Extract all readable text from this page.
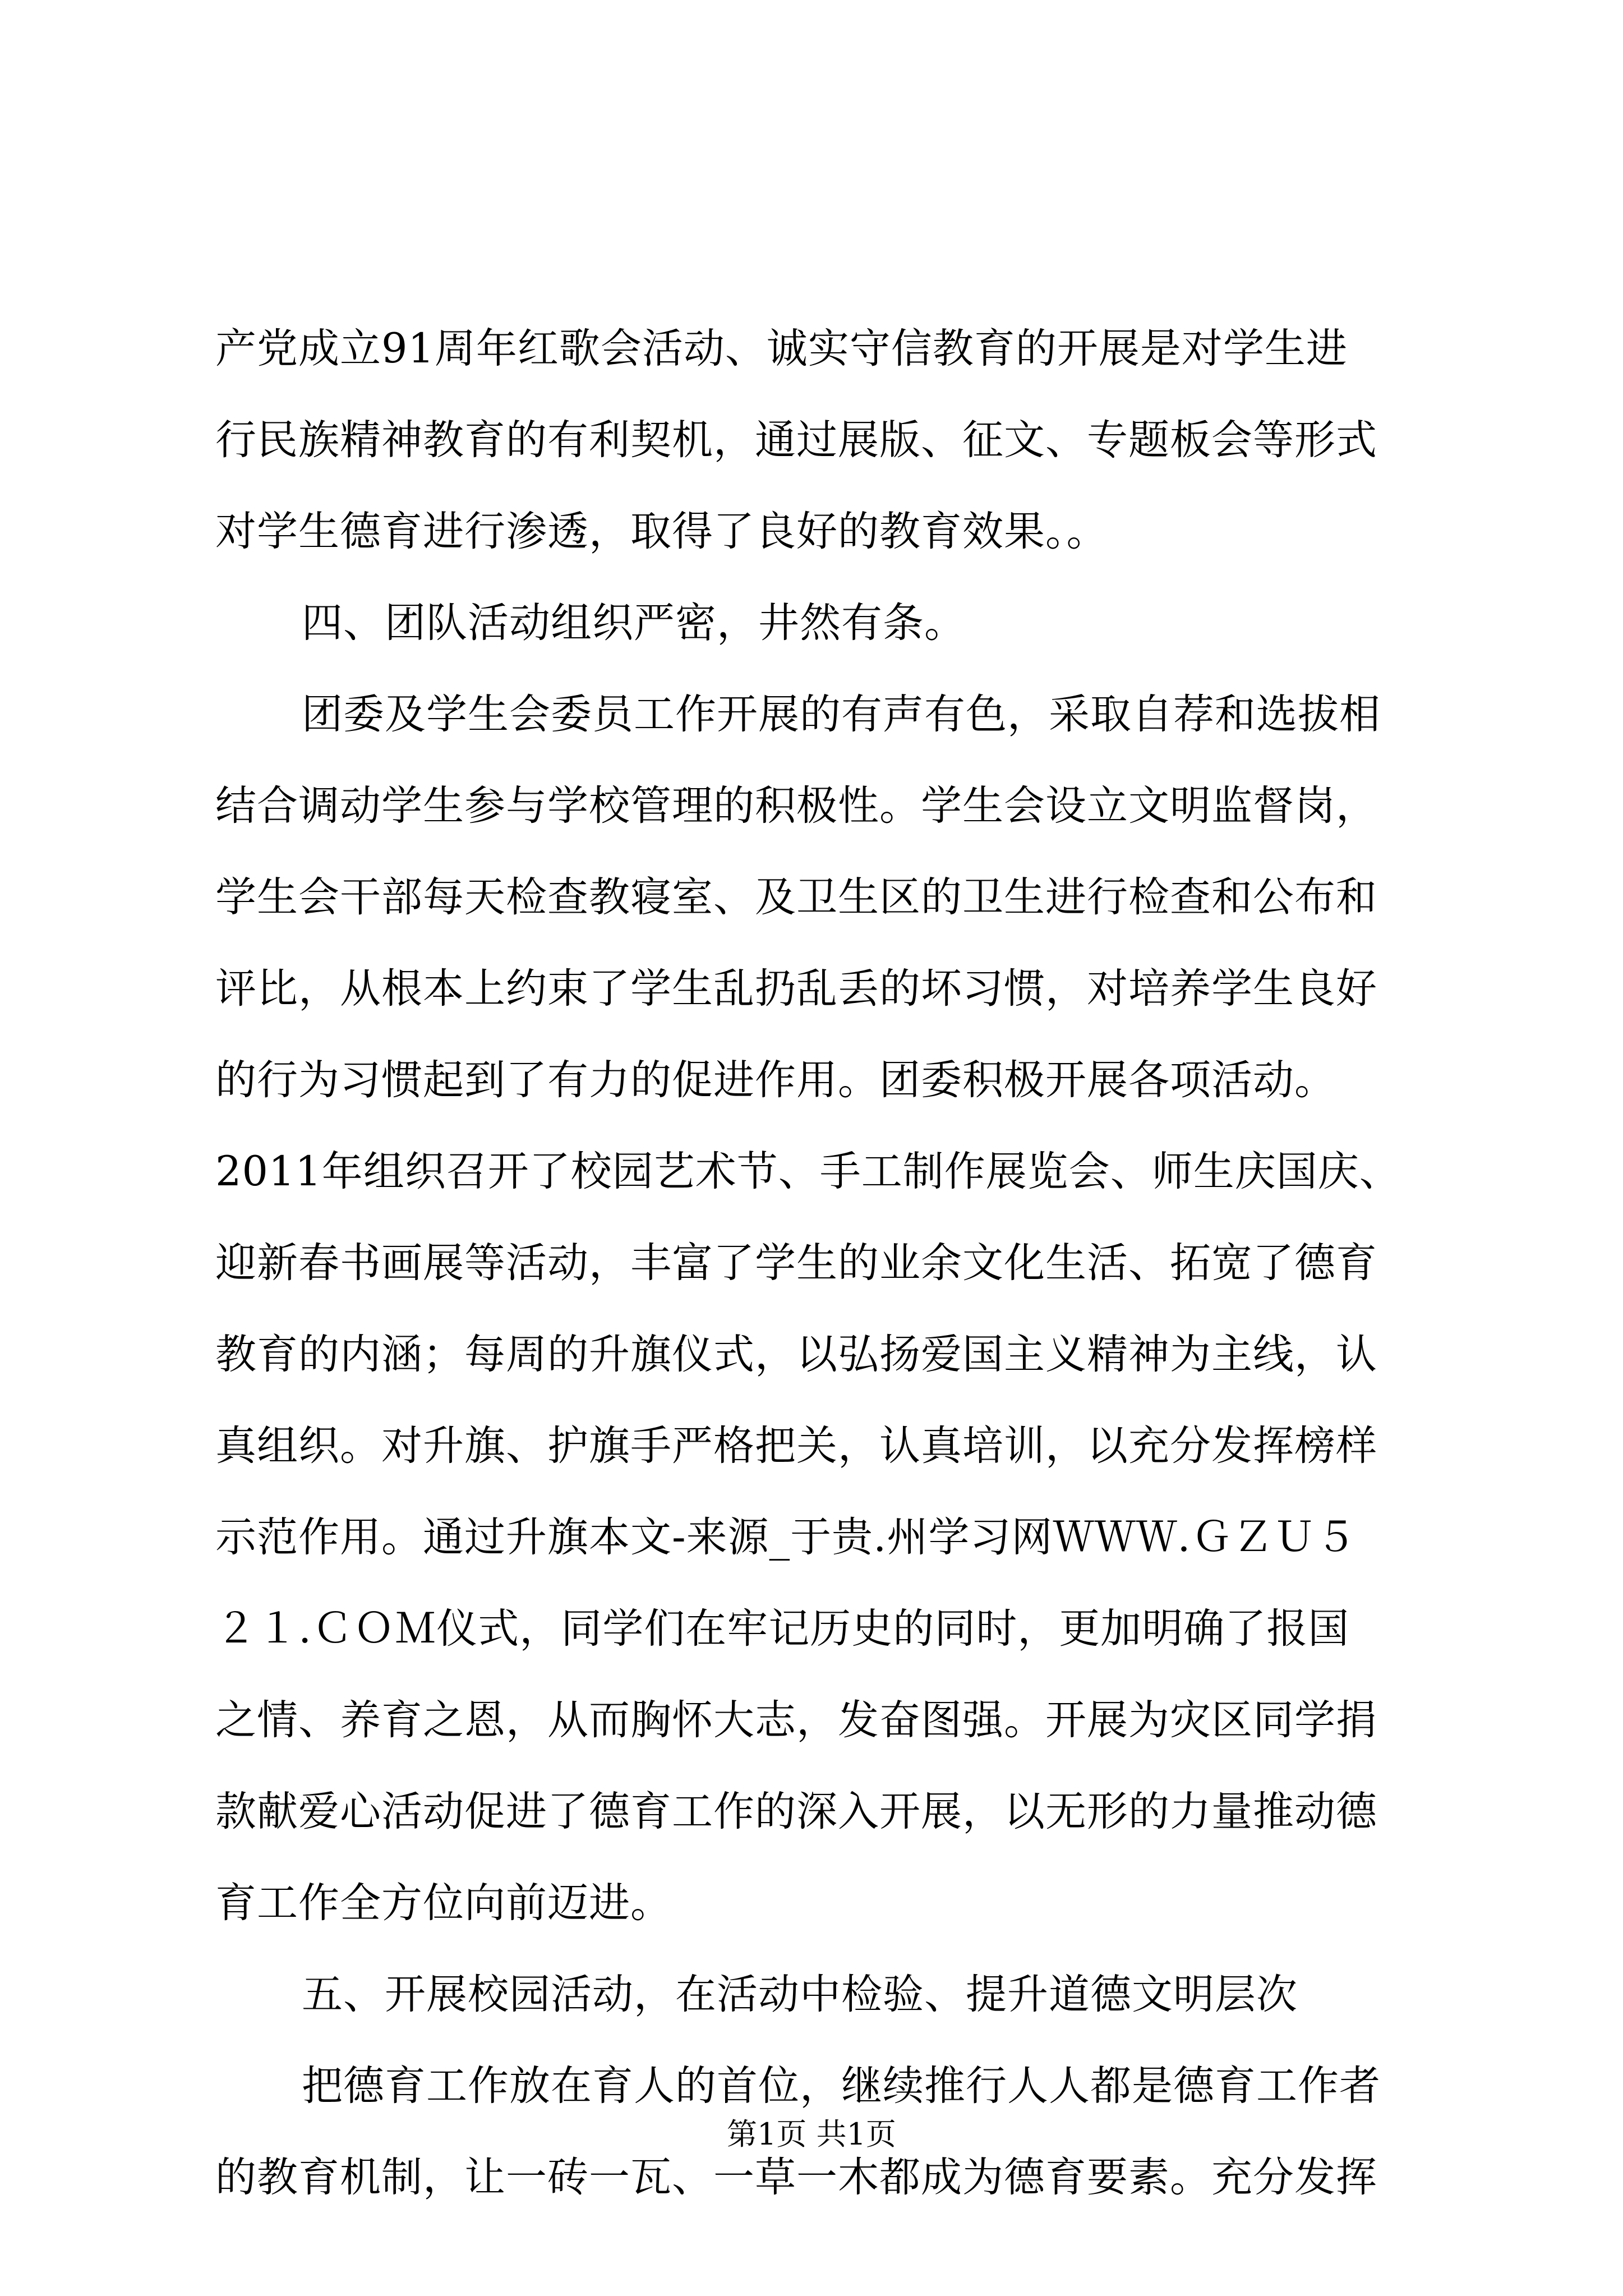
产党成立91周年红歌会活动、诚实守信教育的开展是对学生进
行民族精神教育的有利契机，通过展版、征文、专题板会等形式
对学生德育进行渗透，取得了良好的教育效果。。
四、团队活动组织严密，井然有条。
团委及学生会委员工作开展的有声有色，采取自荐和选拔相
结合调动学生参与学校管理的积极性。学生会设立文明监督岗，
学生会干部每天检查教寝室、及卫生区的卫生进行检查和公布和
评比，从根本上约束了学生乱扔乱丢的坏习惯，对培养学生良好
的行为习惯起到了有力的促进作用。团委积极开展各项活动。
2011年组织召开了校园艺术节、手工制作展览会、师生庆国庆、
迎新春书画展等活动，丰富了学生的业余文化生活、拓宽了德育
教育的内涵；每周的升旗仪式，以弘扬爱国主义精神为主线，认
真组织。对升旗、护旗手严格把关，认真培训，以充分发挥榜样
示范作用。通过升旗本文-来源_于贵.州学习网ＷＷＷ.ＧＺＵ５
２１.ＣＯＭ仪式，同学们在牢记历史的同时，更加明确了报国
之情、养育之恩，从而胸怀大志，发奋图强。开展为灾区同学捐
款献爱心活动促进了德育工作的深入开展，以无形的力量推动德
育工作全方位向前迈进。
五、开展校园活动，在活动中检验、提升道德文明层次
把德育工作放在育人的首位，继续推行人人都是德育工作者
的教育机制，让一砖一瓦、一草一木都成为德育要素。充分发挥
第1页 共1页
